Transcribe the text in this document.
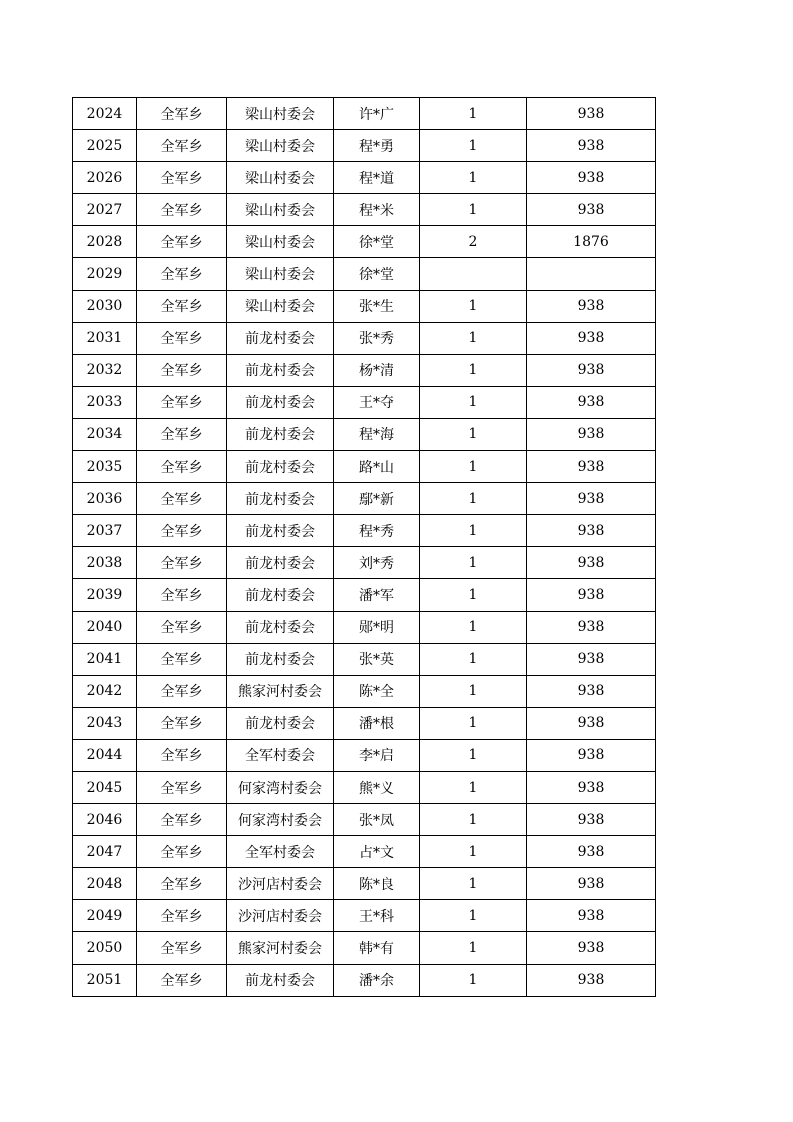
2024	全军乡	梁山村委会	许*广	1	938
2025	全军乡	梁山村委会	程*勇	1	938
2026	全军乡	梁山村委会	程*道	1	938
2027	全军乡	梁山村委会	程*米	1	938
2028	全军乡	梁山村委会	徐*堂	2	1876
2029	全军乡	梁山村委会	徐*堂		
2030	全军乡	梁山村委会	张*生	1	938
2031	全军乡	前龙村委会	张*秀	1	938
2032	全军乡	前龙村委会	杨*清	1	938
2033	全军乡	前龙村委会	王*夺	1	938
2034	全军乡	前龙村委会	程*海	1	938
2035	全军乡	前龙村委会	路*山	1	938
2036	全军乡	前龙村委会	鄢*新	1	938
2037	全军乡	前龙村委会	程*秀	1	938
2038	全军乡	前龙村委会	刘*秀	1	938
2039	全军乡	前龙村委会	潘*军	1	938
2040	全军乡	前龙村委会	郧*明	1	938
2041	全军乡	前龙村委会	张*英	1	938
2042	全军乡	熊家河村委会	陈*全	1	938
2043	全军乡	前龙村委会	潘*根	1	938
2044	全军乡	全军村委会	李*启	1	938
2045	全军乡	何家湾村委会	熊*义	1	938
2046	全军乡	何家湾村委会	张*凤	1	938
2047	全军乡	全军村委会	占*文	1	938
2048	全军乡	沙河店村委会	陈*良	1	938
2049	全军乡	沙河店村委会	王*科	1	938
2050	全军乡	熊家河村委会	韩*有	1	938
2051	全军乡	前龙村委会	潘*余	1	938
